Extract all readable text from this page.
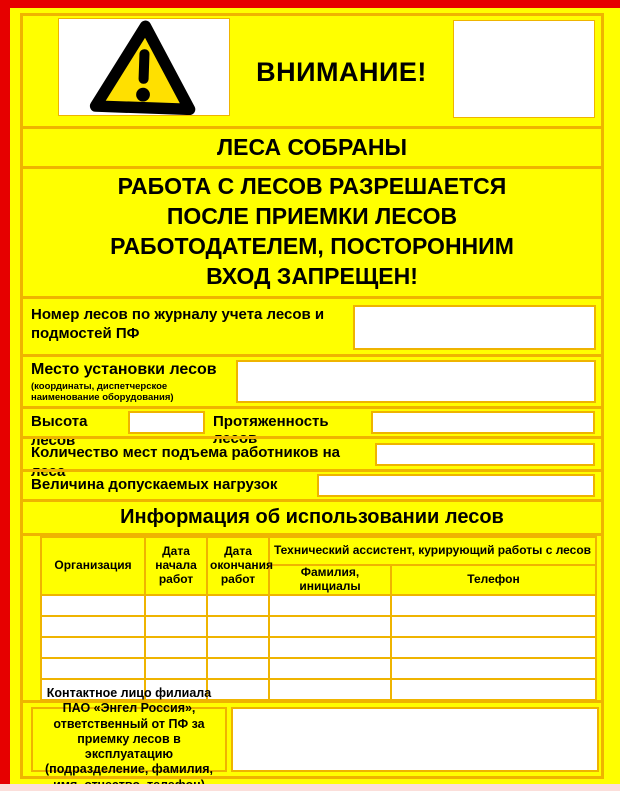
ВНИМАНИЕ!
ЛЕСА СОБРАНЫ
РАБОТА С ЛЕСОВ РАЗРЕШАЕТСЯ
ПОСЛЕ ПРИЕМКИ ЛЕСОВ
РАБОТОДАТЕЛЕМ, ПОСТОРОННИМ
ВХОД ЗАПРЕЩЕН!
Номер лесов по журналу учета лесов и подмостей ПФ
Место установки лесов
(координаты, диспетчерское наименование оборудования)
Высота лесов
Протяженность лесов
Количество мест подъема работников на леса
Величина допускаемых нагрузок
Информация об использовании лесов
Организация	Дата начала работ	Дата окончания работ	Технический ассистент, курирующий работы с лесов	
			Фамилия, инициалы	Телефон

ПАО «Энгел Россия», ответственный от ПФ за приемку лесов в эксплуатацию (подразделение, фамилия,
